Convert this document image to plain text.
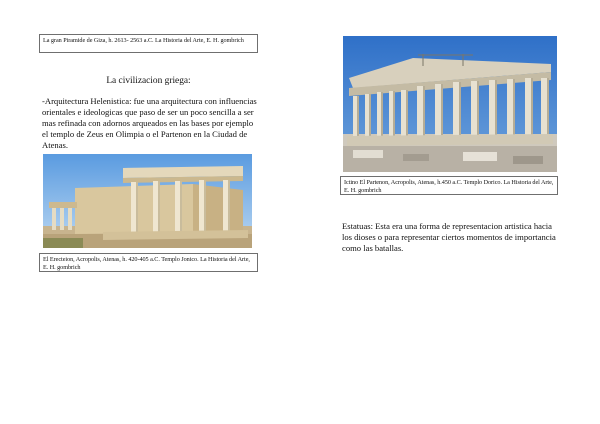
La gran Piramide de Giza, h. 2613- 2563 a.C. La Historia del Arte, E. H. gombrich
La civilizacion griega:
-Arquitectura Helenistica: fue una arquitectura con influencias orientales e ideologicas que paso de ser un poco sencilla a ser mas refinada con adornos arqueados en las bases por ejemplo el templo de Zeus en Olimpia o el Partenon en la Ciudad de Atenas.
El Erecteion, Acropolis, Atenas, h. 420-405 a.C. Templo Jonico. La Historia del Arte, E. H. gombrich
Ictino El Partenon, Acropolis, Atenas, h.450 a.C. Templo Dorico. La Historia del Arte, E. H. gombrich
Estatuas: Esta era una forma de representacion artistica hacia los dioses o para representar ciertos momentos de importancia como las batallas.
